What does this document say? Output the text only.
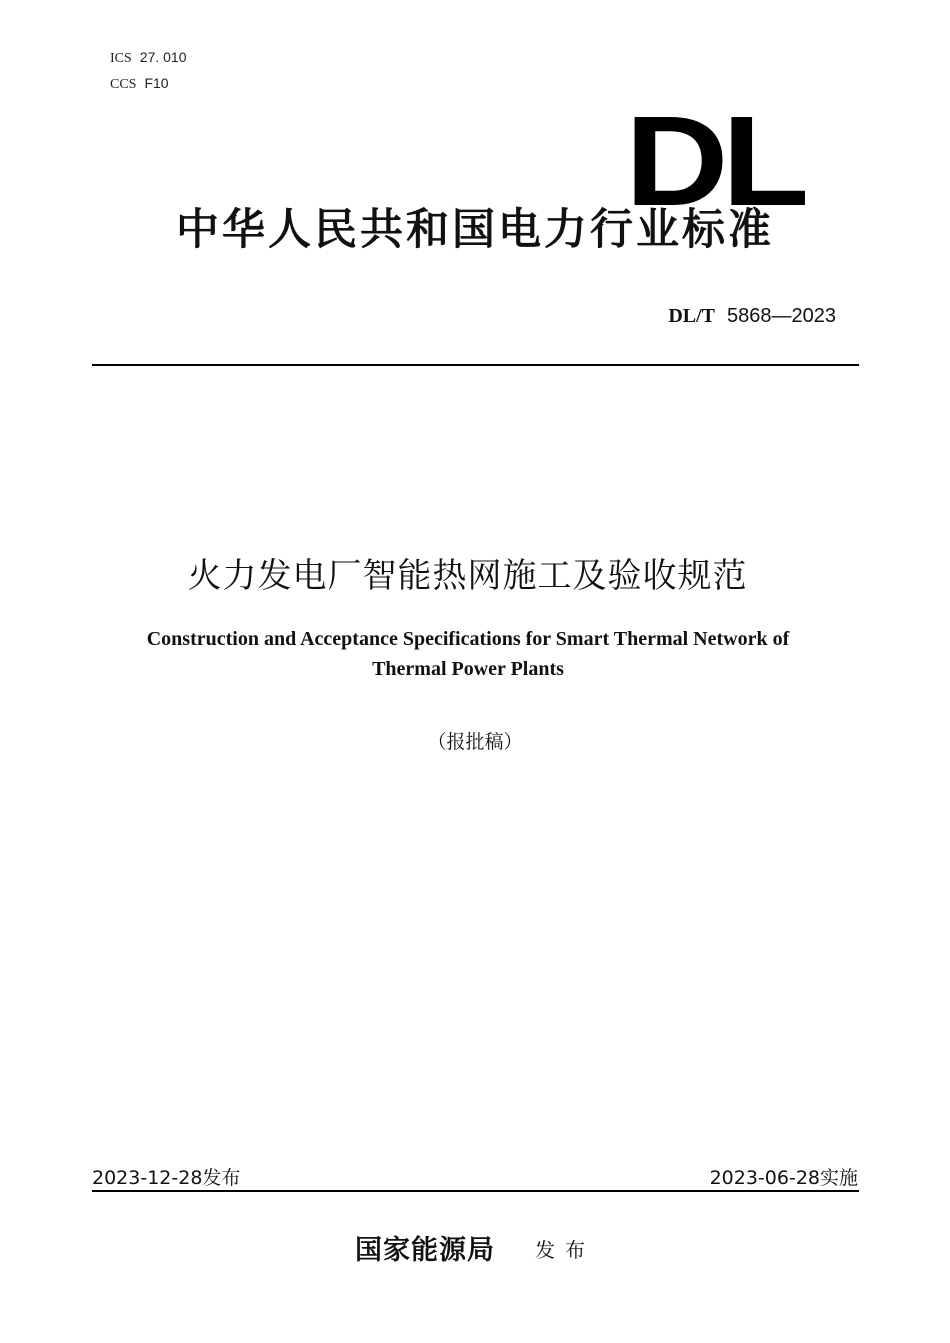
ICS 27. 010
CCS F10
DL
中华人民共和国电力行业标准
DL/T 5868—2023
火力发电厂智能热网施工及验收规范
Construction and Acceptance Specifications for Smart Thermal Network of
Thermal Power Plants
（报批稿）
2023-12-28发布	2023-06-28实施
国家能源局 发布
